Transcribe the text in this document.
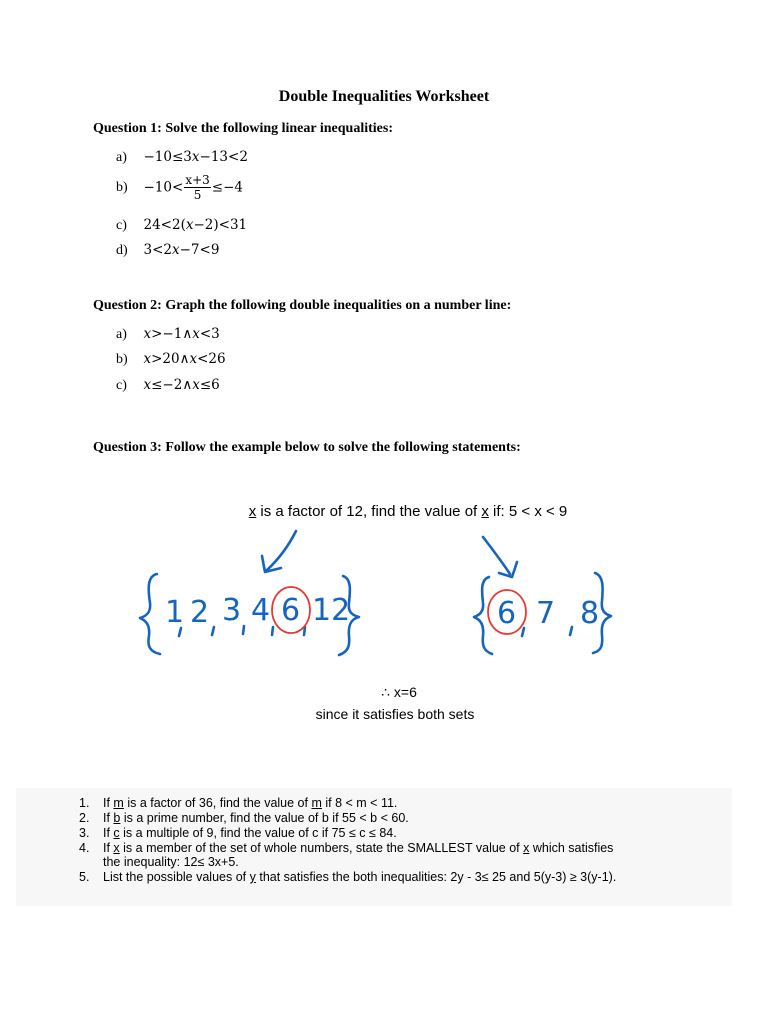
Double Inequalities Worksheet
Question 1: Solve the following linear inequalities:
a) −10≤3x−13<2
$b) -10< \frac{x+3}{5} \le-4$
c) 24<2(x−2)<31
d) 3<2x−7<9
Question 2: Graph the following double inequalities on a number line:
a) x>−1∧x<3
b) x>20∧x<26
c) x≤−2∧x≤6
Question 3: Follow the example below to solve the following statements:
x is a factor of 12, find the value of x if: 5 < x < 9
1 2 3 4 6 12	6 7 8
∴ x=6
since it satisfies both sets
1. If m is a factor of 36, find the value of m if 8 < m < 11.
2. If b is a prime number, find the value of b if 55 < b < 60.
3. If c is a multiple of 9, find the value of c if 75 ≤ c ≤ 84.
4. If x is a member of the set of whole numbers, state the SMALLEST value of x which satisfies
the inequality: 12≤ 3x+5.
5. List the possible values of y that satisfies the both inequalities: 2y - 3≤ 25 and 5(y-3) ≥ 3(y-1).
